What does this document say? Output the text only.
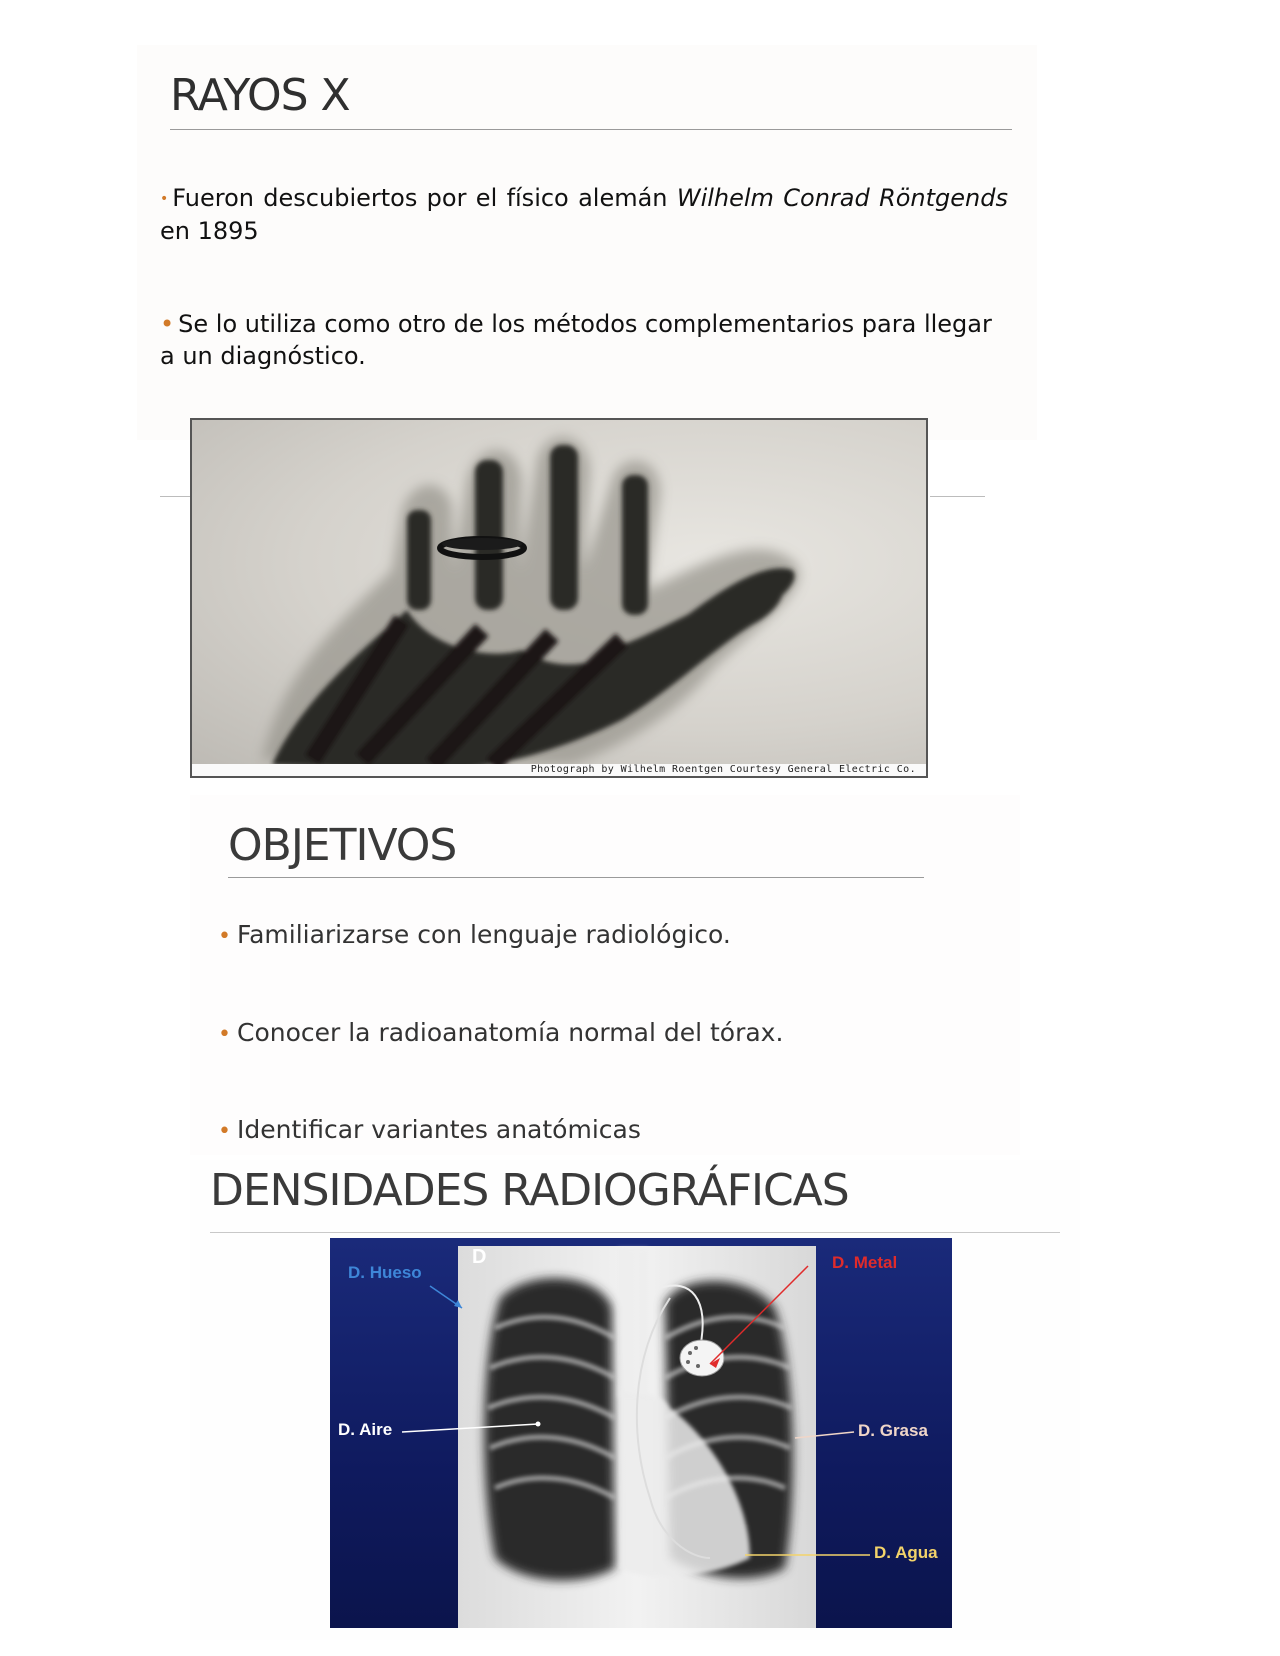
RAYOS X
• Fueron descubiertos por el físico alemán Wilhelm Conrad Röntgends en 1895
• Se lo utiliza como otro de los métodos complementarios para llegar a un diagnóstico.
Photograph by Wilhelm Roentgen Courtesy General Electric Co.
OBJETIVOS
• Familiarizarse con lenguaje radiológico.
• Conocer la radioanatomía normal del tórax.
• Identificar variantes anatómicas
DENSIDADES RADIOGRÁFICAS
D
D. Hueso
D. Metal
D. Aire	D. Grasa
D. Agua
